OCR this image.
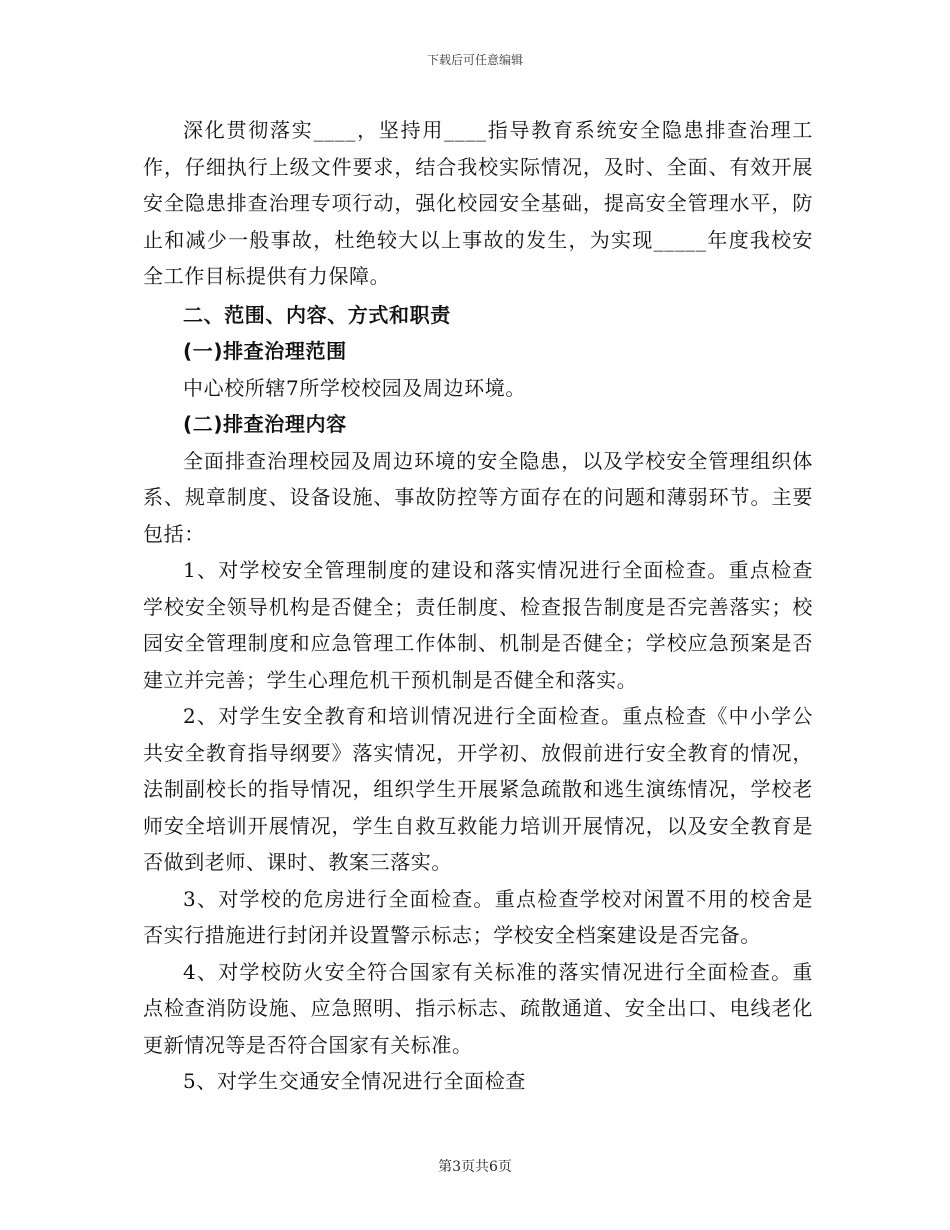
下载后可任意编辑

深化贯彻落实____，坚持用____指导教育系统安全隐患排查治理工作，仔细执行上级文件要求，结合我校实际情况，及时、全面、有效开展安全隐患排查治理专项行动，强化校园安全基础，提高安全管理水平，防止和减少一般事故，杜绝较大以上事故的发生，为实现_____年度我校安全工作目标提供有力保障。

二、范围、内容、方式和职责

(一)排查治理范围

中心校所辖7所学校校园及周边环境。

(二)排查治理内容

全面排查治理校园及周边环境的安全隐患，以及学校安全管理组织体系、规章制度、设备设施、事故防控等方面存在的问题和薄弱环节。主要包括：

1、对学校安全管理制度的建设和落实情况进行全面检查。重点检查学校安全领导机构是否健全；责任制度、检查报告制度是否完善落实；校园安全管理制度和应急管理工作体制、机制是否健全；学校应急预案是否建立并完善；学生心理危机干预机制是否健全和落实。

2、对学生安全教育和培训情况进行全面检查。重点检查《中小学公共安全教育指导纲要》落实情况，开学初、放假前进行安全教育的情况，法制副校长的指导情况，组织学生开展紧急疏散和逃生演练情况，学校老师安全培训开展情况，学生自救互救能力培训开展情况，以及安全教育是否做到老师、课时、教案三落实。

3、对学校的危房进行全面检查。重点检查学校对闲置不用的校舍是否实行措施进行封闭并设置警示标志；学校安全档案建设是否完备。

4、对学校防火安全符合国家有关标准的落实情况进行全面检查。重点检查消防设施、应急照明、指示标志、疏散通道、安全出口、电线老化更新情况等是否符合国家有关标准。

5、对学生交通安全情况进行全面检查

第3页共6页
